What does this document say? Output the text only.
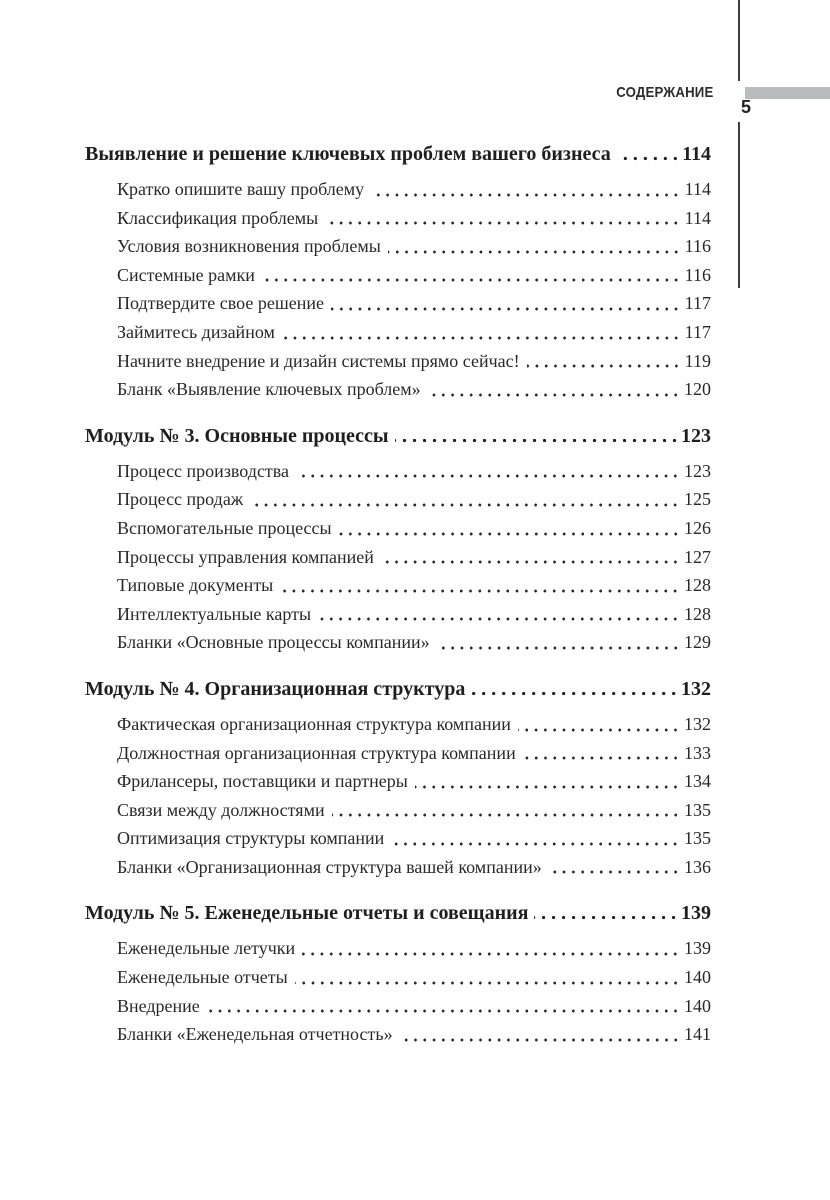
СОДЕРЖАНИЕ
5
Выявление и решение ключевых проблем вашего бизнеса	114
Кратко опишите вашу проблему	114
Классификация проблемы	114
Условия возникновения проблемы	116
Системные рамки	116
Подтвердите свое решение	117
Займитесь дизайном	117
Начните внедрение и дизайн системы прямо сейчас!	119
Бланк «Выявление ключевых проблем»	120
Модуль № 3. Основные процессы	123
Процесс производства	123
Процесс продаж	125
Вспомогательные процессы	126
Процессы управления компанией	127
Типовые документы	128
Интеллектуальные карты	128
Бланки «Основные процессы компании»	129
Модуль № 4. Организационная структура	132
Фактическая организационная структура компании	132
Должностная организационная структура компании	133
Фрилансеры, поставщики и партнеры	134
Связи между должностями	135
Оптимизация структуры компании	135
Бланки «Организационная структура вашей компании»	136
Модуль № 5. Еженедельные отчеты и совещания	139
Еженедельные летучки	139
Еженедельные отчеты	140
Внедрение	140
Бланки «Еженедельная отчетность»	141
